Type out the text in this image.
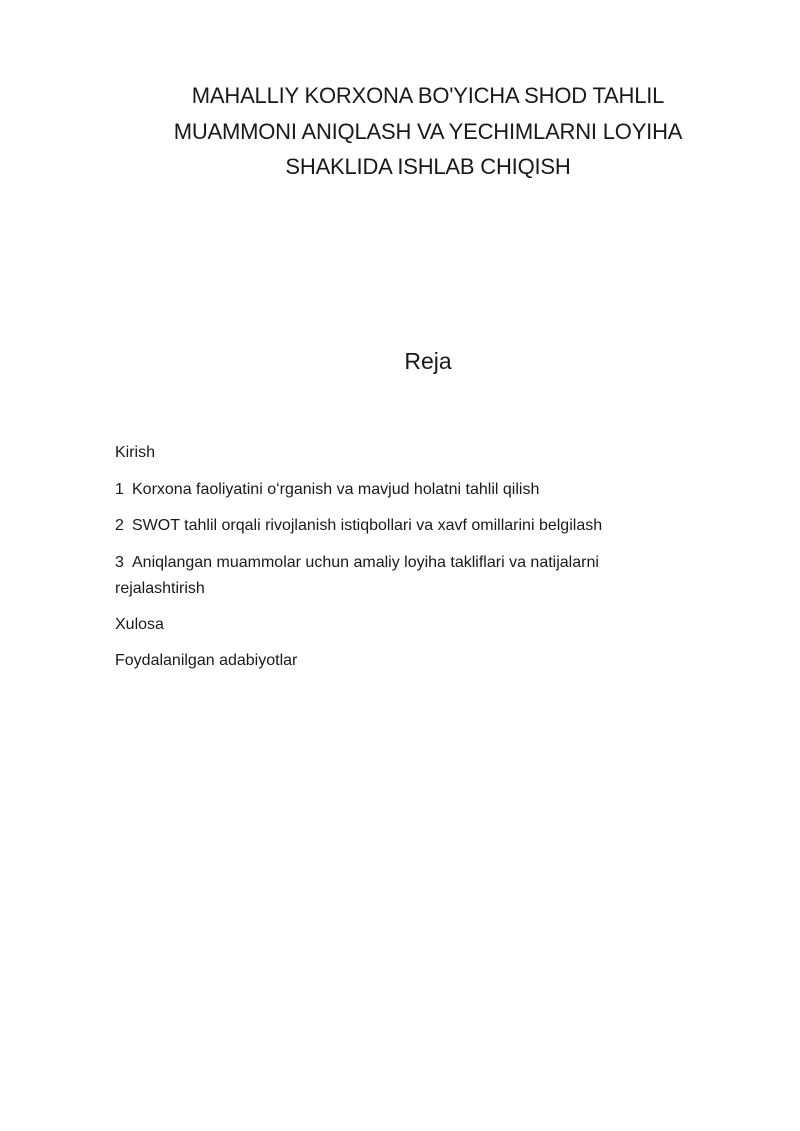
MAHALLIY KORXONA BO'YICHA SHOD TAHLIL
MUAMMONI ANIQLASH VA YECHIMLARNI LOYIHA
SHAKLIDA ISHLAB CHIQISH
Reja
Kirish
1 Korxona faoliyatini oʻrganish va mavjud holatni tahlil qilish
2 SWOT tahlil orqali rivojlanish istiqbollari va xavf omillarini belgilash
3 Aniqlangan muammolar uchun amaliy loyiha takliflari va natijalarni
rejalashtirish
Xulosa
Foydalanilgan adabiyotlar
